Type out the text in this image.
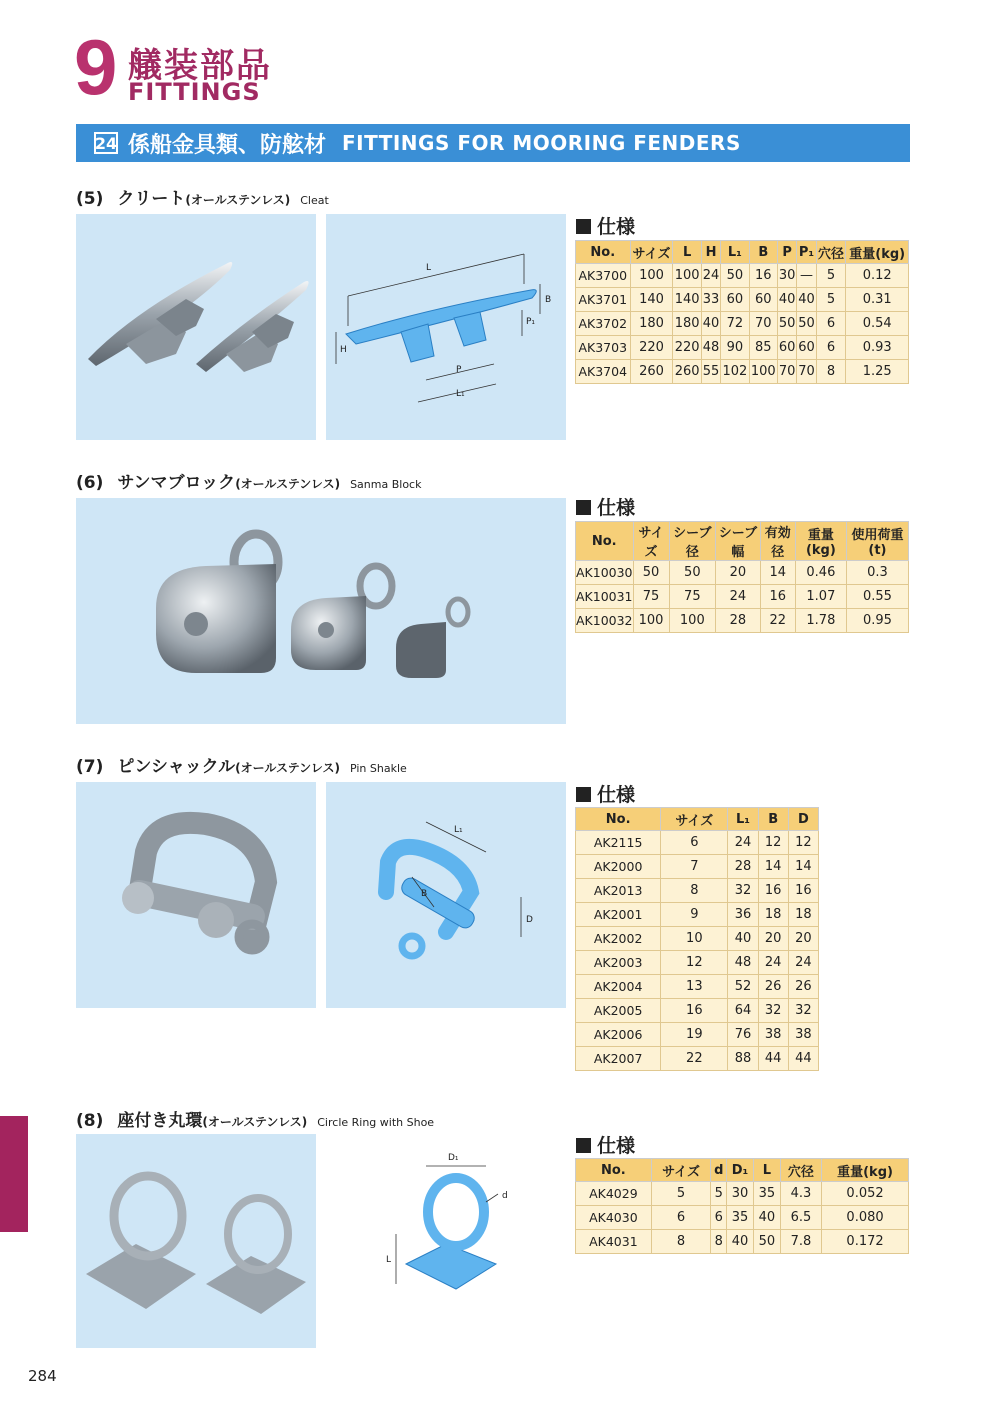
9 艤装部品
FITTINGS
24 係船金具類、防舷材 FITTINGS FOR MOORING FENDERS
(5) クリート(オールステンレス) Cleat
L
B
H
P₁
P
L₁
仕様
No.	サイズ	L	H	L₁	B	P	P₁	穴径	重量(kg)
AK3700	100	100	24	50	16	30	—	5	0.12
AK3701	140	140	33	60	60	40	40	5	0.31
AK3702	180	180	40	72	70	50	50	6	0.54
AK3703	220	220	48	90	85	60	60	6	0.93
AK3704	260	260	55	102	100	70	70	8	1.25
(6) サンマブロック(オールステンレス) Sanma Block
仕様
No.	サイズ	シーブ径	シーブ幅	有効径	重量(kg)	使用荷重(t)
AK10030	50	50	20	14	0.46	0.3
AK10031	75	75	24	16	1.07	0.55
AK10032	100	100	28	22	1.78	0.95
(7) ピンシャックル(オールステンレス) Pin Shakle
L₁
B
D
仕様
No.	サイズ	L₁	B	D
AK2115	6	24	12	12
AK2000	7	28	14	14
AK2013	8	32	16	16
AK2001	9	36	18	18
AK2002	10	40	20	20
AK2003	12	48	24	24
AK2004	13	52	26	26
AK2005	16	64	32	32
AK2006	19	76	38	38
AK2007	22	88	44	44
(8) 座付き丸環(オールステンレス) Circle Ring with Shoe
D₁
d
L
仕様
No.	サイズ	d	D₁	L	穴径	重量(kg)
AK4029	5	5	30	35	4.3	0.052
AK4030	6	6	35	40	6.5	0.080
AK4031	8	8	40	50	7.8	0.172
284
